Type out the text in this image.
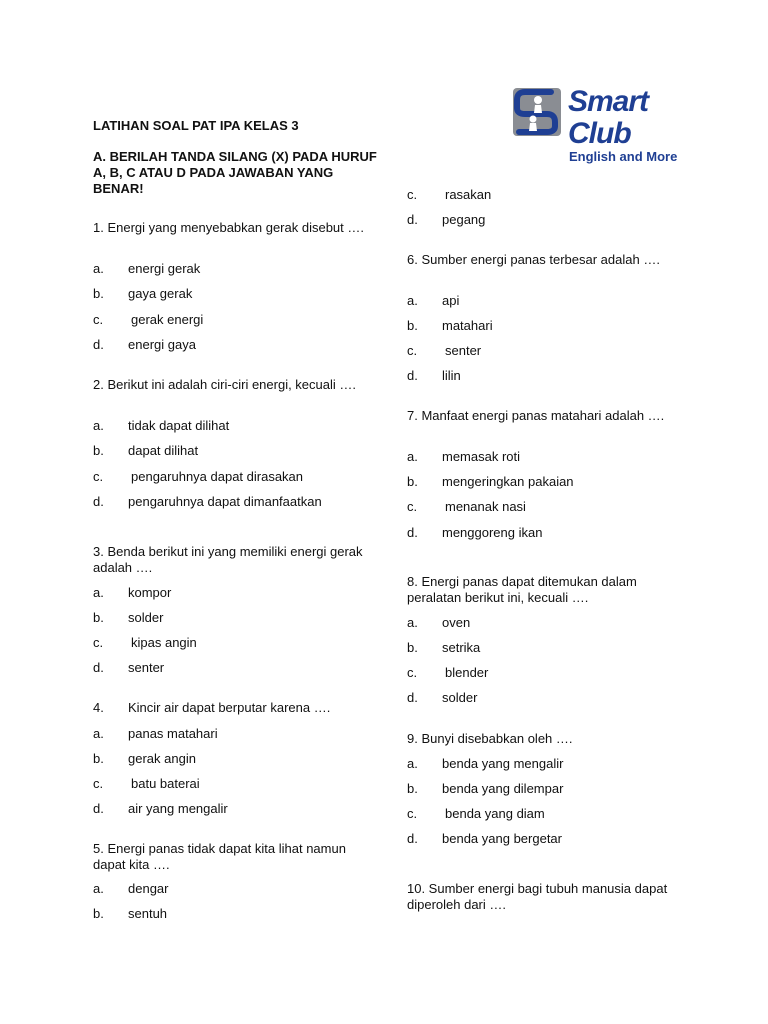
Smart Club
English and More
LATIHAN SOAL PAT IPA KELAS 3
A. BERILAH TANDA SILANG (X) PADA HURUF A, B, C ATAU D PADA JAWABAN YANG BENAR!
1. Energi yang menyebabkan gerak disebut ….
a. energi gerak
b. gaya gerak
c. gerak energi
d. energi gaya
2. Berikut ini adalah ciri-ciri energi, kecuali ….
a. tidak dapat dilihat
b. dapat dilihat
c. pengaruhnya dapat dirasakan
d. pengaruhnya dapat dimanfaatkan
3. Benda berikut ini yang memiliki energi gerak adalah ….
a. kompor
b. solder
c. kipas angin
d. senter
4. Kincir air dapat berputar karena ….
a. panas matahari
b. gerak angin
c. batu baterai
d. air yang mengalir
5. Energi panas tidak dapat kita lihat namun dapat kita ….
a. dengar
b. sentuh
c. rasakan
d. pegang
6. Sumber energi panas terbesar adalah ….
a. api
b. matahari
c. senter
d. lilin
7. Manfaat energi panas matahari adalah ….
a. memasak roti
b. mengeringkan pakaian
c. menanak nasi
d. menggoreng ikan
8. Energi panas dapat ditemukan dalam peralatan berikut ini, kecuali ….
a. oven
b. setrika
c. blender
d. solder
9. Bunyi disebabkan oleh ….
a. benda yang mengalir
b. benda yang dilempar
c. benda yang diam
d. benda yang bergetar
10. Sumber energi bagi tubuh manusia dapat diperoleh dari ….
